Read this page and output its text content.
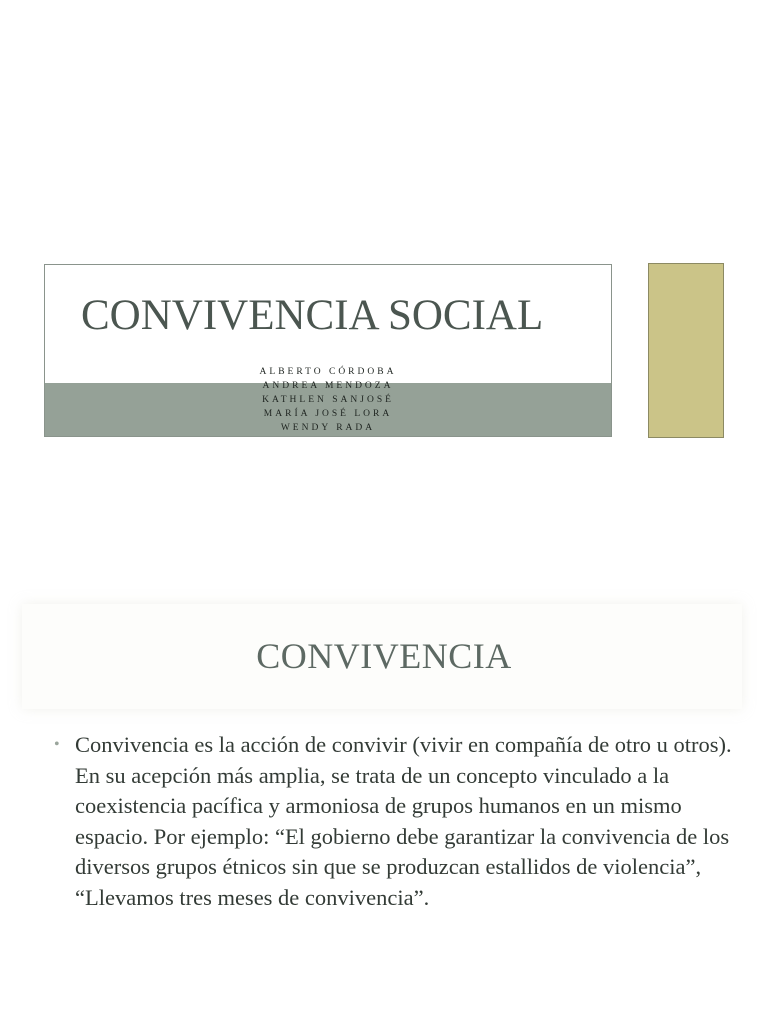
CONVIVENCIA SOCIAL
ALBERTO CÓRDOBA
ANDREA MENDOZA
KATHLEN SANJOSÉ
MARÍA JOSÉ LORA
WENDY RADA
CONVIVENCIA
• Convivencia es la acción de convivir (vivir en compañía de otro u otros). En su acepción más amplia, se trata de un concepto vinculado a la coexistencia pacífica y armoniosa de grupos humanos en un mismo espacio. Por ejemplo: “El gobierno debe garantizar la convivencia de los diversos grupos étnicos sin que se produzcan estallidos de violencia”, “Llevamos tres meses de convivencia”.
